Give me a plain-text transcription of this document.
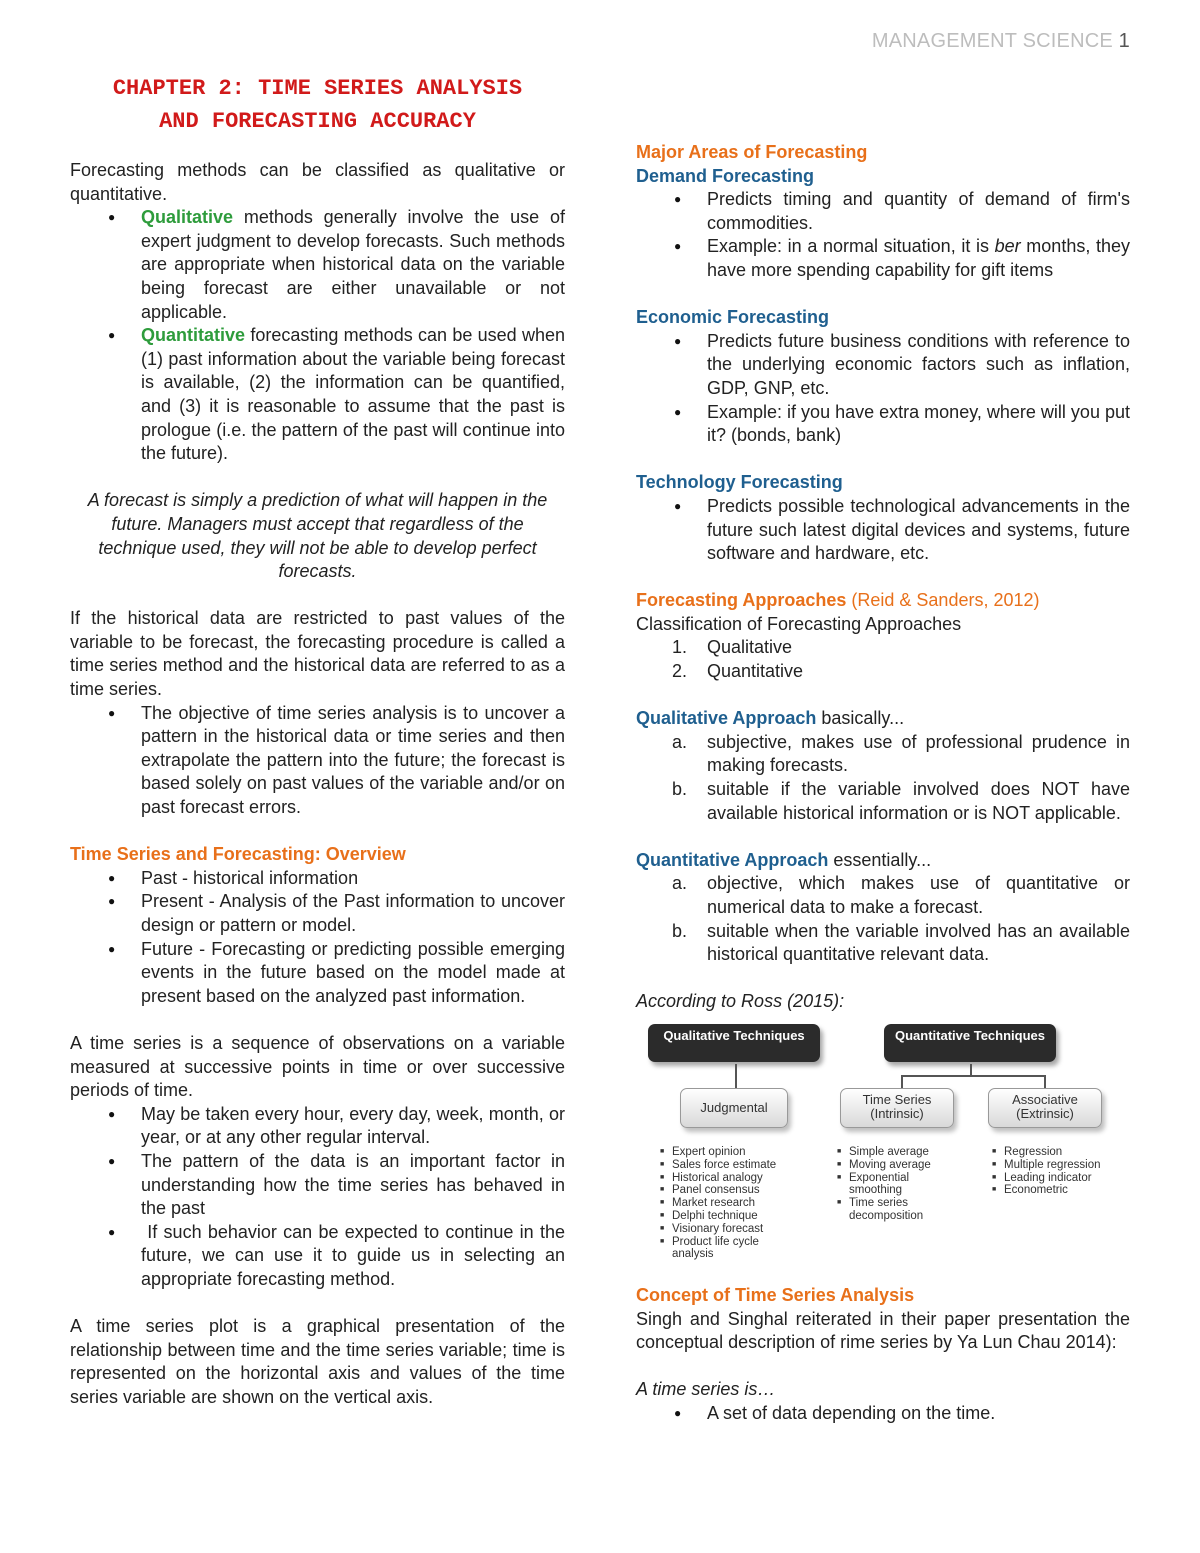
MANAGEMENT SCIENCE 1
CHAPTER 2: TIME SERIES ANALYSIS
AND FORECASTING ACCURACY

Forecasting methods can be classified as qualitative or quantitative.

● Qualitative methods generally involve the use of expert judgment to develop forecasts. Such methods are appropriate when historical data on the variable being forecast are either unavailable or not applicable.
● Quantitative forecasting methods can be used when (1) past information about the variable being forecast is available, (2) the information can be quantified, and (3) it is reasonable to assume that the past is prologue (i.e. the pattern of the past will continue into the future).

A forecast is simply a prediction of what will happen in the future. Managers must accept that regardless of the technique used, they will not be able to develop perfect forecasts.

If the historical data are restricted to past values of the variable to be forecast, the forecasting procedure is called a time series method and the historical data are referred to as a time series.

● The objective of time series analysis is to uncover a pattern in the historical data or time series and then extrapolate the pattern into the future; the forecast is based solely on past values of the variable and/or on past forecast errors.
Time Series and Forecasting: Overview
● Past - historical information
● Present - Analysis of the Past information to uncover design or pattern or model.
● Future - Forecasting or predicting possible emerging events in the future based on the model made at present based on the analyzed past information.

A time series is a sequence of observations on a variable measured at successive points in time or over successive periods of time.

● May be taken every hour, every day, week, month, or year, or at any other regular interval.
● The pattern of the data is an important factor in understanding how the time series has behaved in the past
●  If such behavior can be expected to continue in the future, we can use it to guide us in selecting an appropriate forecasting method.

A time series plot is a graphical presentation of the relationship between time and the time series variable; time is represented on the horizontal axis and values of the time series variable are shown on the vertical axis.

Major Areas of Forecasting
Demand Forecasting
● Predicts timing and quantity of demand of firm's commodities.
● Example: in a normal situation, it is ber months, they have more spending capability for gift items
Economic Forecasting
● Predicts future business conditions with reference to the underlying economic factors such as inflation, GDP, GNP, etc.
● Example: if you have extra money, where will you put it? (bonds, bank)
Technology Forecasting
● Predicts possible technological advancements in the future such latest digital devices and systems, future software and hardware, etc.
Forecasting Approaches (Reid & Sanders, 2012)
Classification of Forecasting Approaches
1. Qualitative
2. Quantitative
Qualitative Approach basically...
a. subjective, makes use of professional prudence in making forecasts.
b. suitable if the variable involved does NOT have available historical information or is NOT applicable.
Quantitative Approach essentially...
a. objective, which makes use of quantitative or numerical data to make a forecast.
b. suitable when the variable involved has an available historical quantitative relevant data.
According to Ross (2015):
Qualitative Techniques	Quantitative Techniques
Judgmental
Time Series (Intrinsic)
Associative (Extrinsic)
■ Expert opinion
■ Sales force estimate
■ Historical analogy
■ Panel consensus
■ Market research
■ Delphi technique
■ Visionary forecast
■ Product life cycle analysis
■ Simple average
■ Moving average
■ Exponential smoothing
■ Time series decomposition
■ Regression
■ Multiple regression
■ Leading indicator
■ Econometric
Concept of Time Series Analysis

Singh and Singhal reiterated in their paper presentation the conceptual description of rime series by Ya Lun Chau 2014):

A time series is…
● A set of data depending on the time.
